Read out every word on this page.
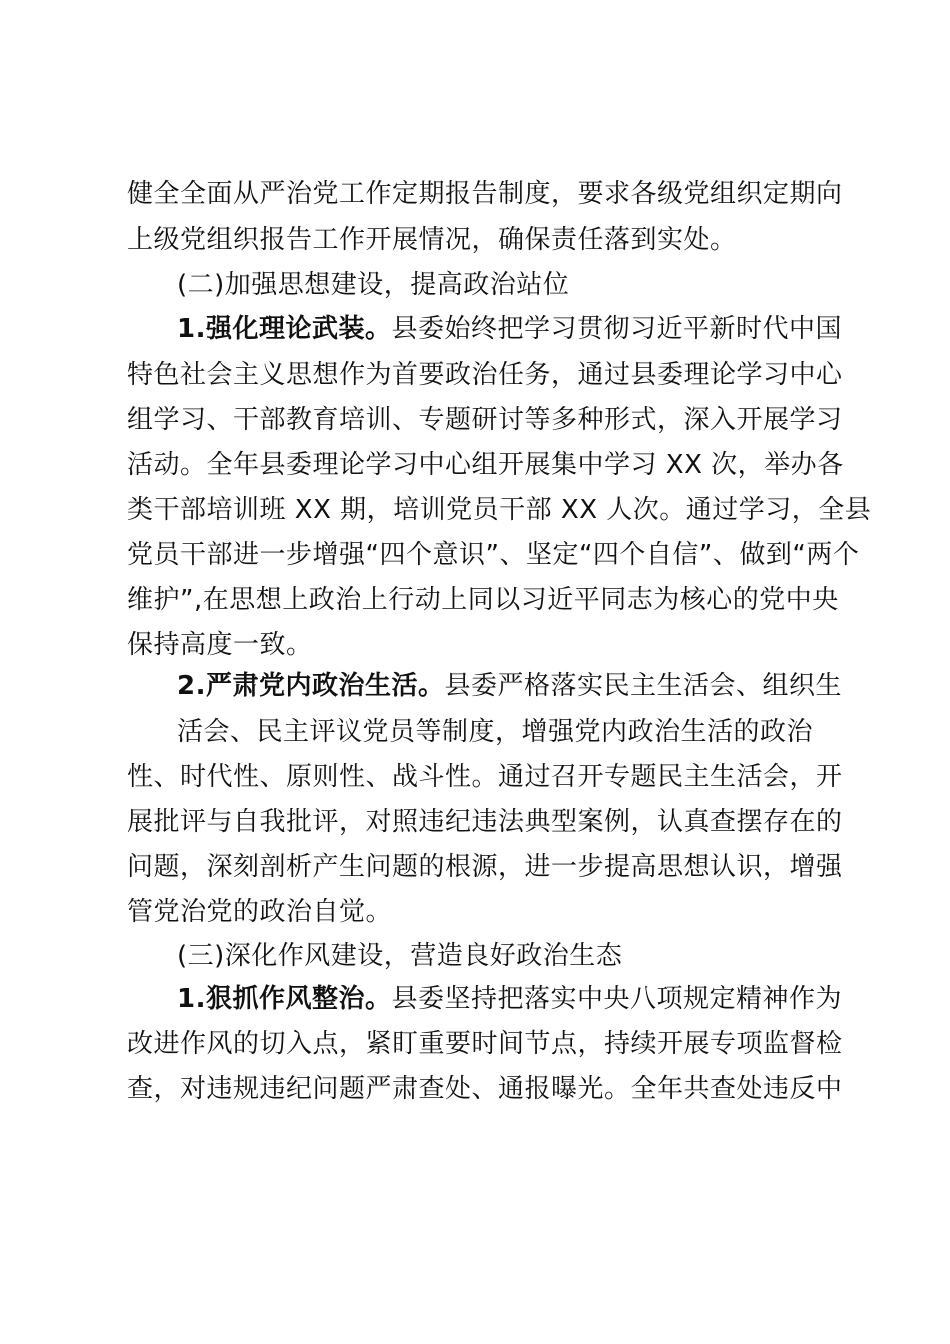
健全全面从严治党工作定期报告制度，要求各级党组织定期向
上级党组织报告工作开展情况，确保责任落到实处。
(二)加强思想建设，提高政治站位
1.强化理论武装。县委始终把学习贯彻习近平新时代中国
特色社会主义思想作为首要政治任务，通过县委理论学习中心
组学习、干部教育培训、专题研讨等多种形式，深入开展学习
活动。全年县委理论学习中心组开展集中学习 XX 次，举办各
类干部培训班 XX 期，培训党员干部 XX 人次。通过学习，全县
党员干部进一步增强“四个意识”、坚定“四个自信”、做到“两个
维护”,在思想上政治上行动上同以习近平同志为核心的党中央
保持高度一致。
2.严肃党内政治生活。县委严格落实民主生活会、组织生
活会、民主评议党员等制度，增强党内政治生活的政治
性、时代性、原则性、战斗性。通过召开专题民主生活会，开
展批评与自我批评，对照违纪违法典型案例，认真查摆存在的
问题，深刻剖析产生问题的根源，进一步提高思想认识，增强
管党治党的政治自觉。
(三)深化作风建设，营造良好政治生态
1.狠抓作风整治。县委坚持把落实中央八项规定精神作为
改进作风的切入点，紧盯重要时间节点，持续开展专项监督检
查，对违规违纪问题严肃查处、通报曝光。全年共查处违反中
